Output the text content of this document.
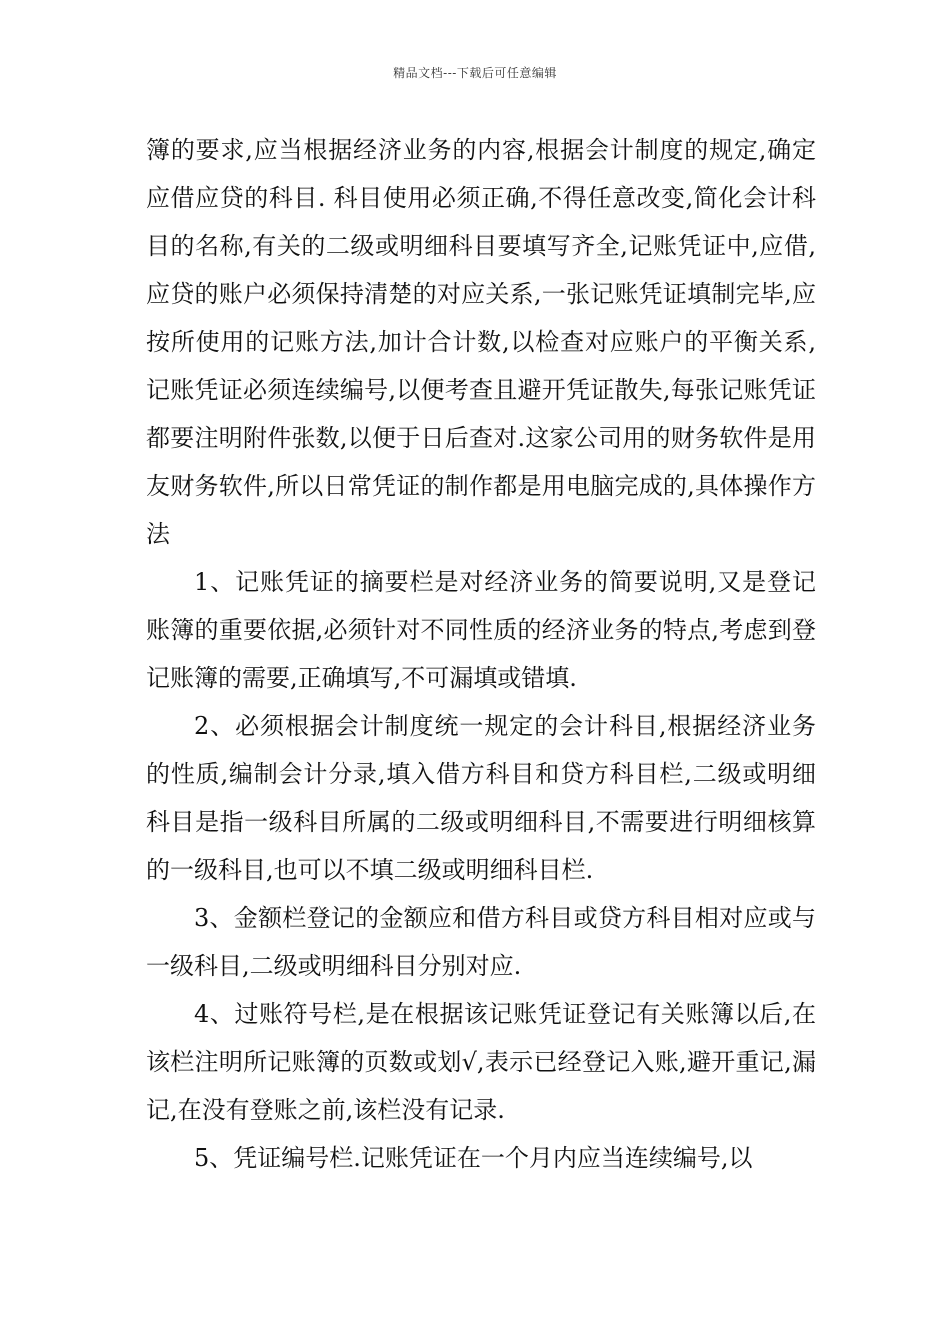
精品文档---下载后可任意编辑

簿的要求,应当根据经济业务的内容,根据会计制度的规定,确定应借应贷的科目. 科目使用必须正确,不得任意改变,简化会计科目的名称,有关的二级或明细科目要填写齐全,记账凭证中,应借,应贷的账户必须保持清楚的对应关系,一张记账凭证填制完毕,应按所使用的记账方法,加计合计数,以检查对应账户的平衡关系,记账凭证必须连续编号,以便考查且避开凭证散失,每张记账凭证都要注明附件张数,以便于日后查对.这家公司用的财务软件是用友财务软件,所以日常凭证的制作都是用电脑完成的,具体操作方法

1、记账凭证的摘要栏是对经济业务的简要说明,又是登记账簿的重要依据,必须针对不同性质的经济业务的特点,考虑到登记账簿的需要,正确填写,不可漏填或错填.

2、必须根据会计制度统一规定的会计科目,根据经济业务的性质,编制会计分录,填入借方科目和贷方科目栏,二级或明细科目是指一级科目所属的二级或明细科目,不需要进行明细核算的一级科目,也可以不填二级或明细科目栏.

3、金额栏登记的金额应和借方科目或贷方科目相对应或与一级科目,二级或明细科目分别对应.

4、过账符号栏,是在根据该记账凭证登记有关账簿以后,在该栏注明所记账簿的页数或划√,表示已经登记入账,避开重记,漏记,在没有登账之前,该栏没有记录.

5、凭证编号栏.记账凭证在一个月内应当连续编号,以
